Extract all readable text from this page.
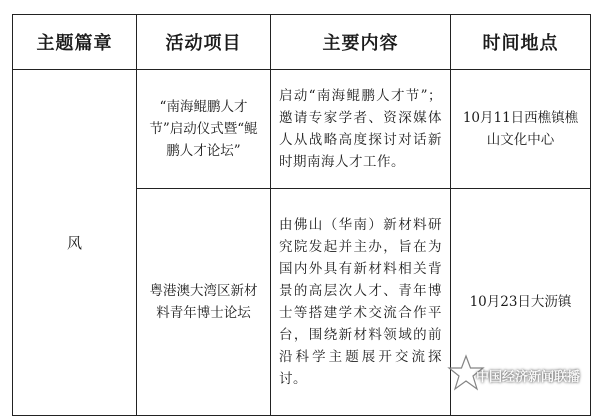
主题篇章	活动项目	主要内容	时间地点
风	“南海鲲鹏人才节”启动仪式暨“鲲鹏人才论坛”	启动“南海鲲鹏人才节”；邀请专家学者、资深媒体人从战略高度探讨对话新时期南海人才工作。	10月11日西樵镇樵山文化中心
	粤港澳大湾区新材料青年博士论坛	由佛山（华南）新材料研究院发起并主办，旨在为国内外具有新材料相关背景的高层次人才、青年博士等搭建学术交流合作平台，围绕新材料领域的前沿科学主题展开交流探讨。	10月23日大沥镇
中国经济新闻联播
